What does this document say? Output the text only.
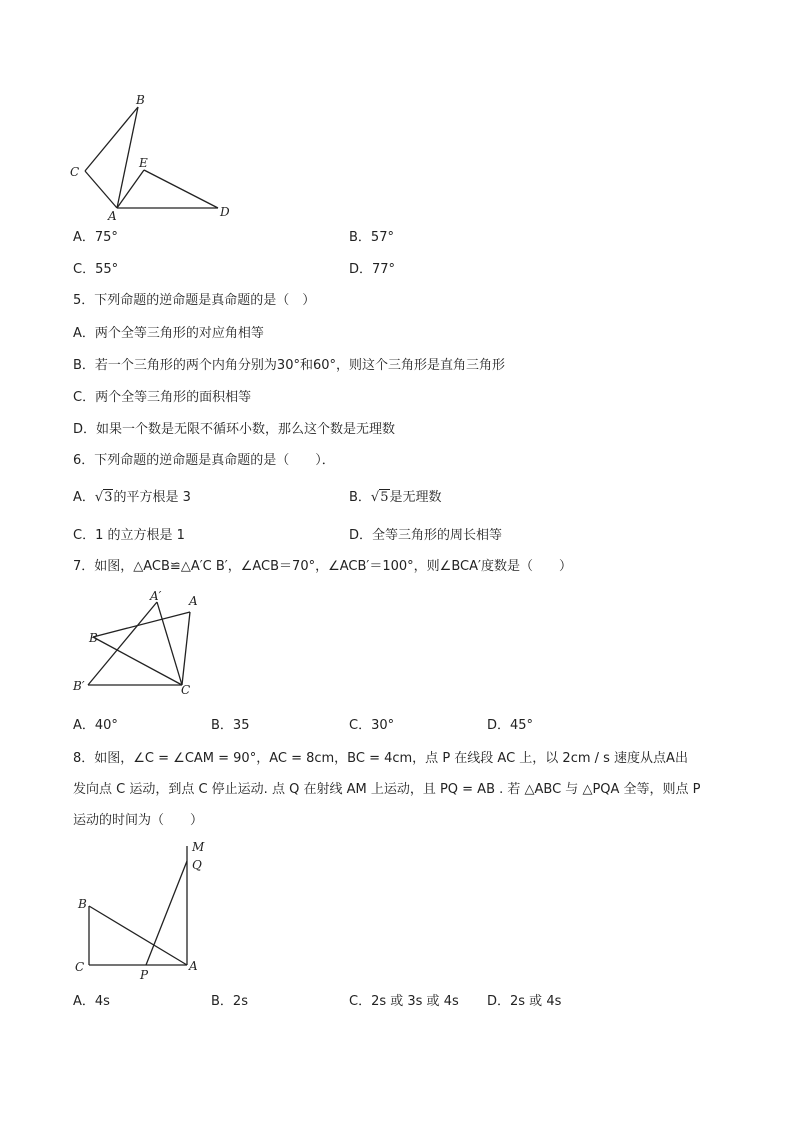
B
C
E
A	D
A．75°	B．57°
C．55°	D．77°
5．下列命题的逆命题是真命题的是（　）
A．两个全等三角形的对应角相等
B．若一个三角形的两个内角分别为30°和60°，则这个三角形是直角三角形
C．两个全等三角形的面积相等
D．如果一个数是无限不循环小数，那么这个数是无理数
6．下列命题的逆命题是真命题的是（　　）．
A．√3的平方根是 3	B．√5是无理数
C．1 的立方根是 1	D．全等三角形的周长相等
7．如图，△ACB≌△A′C B′，∠ACB＝70°，∠ACB′＝100°，则∠BCA′度数是（　　）
A′ A
B
B′	C
A．40°	B．35	C．30°	D．45°
8．如图，∠C = ∠CAM = 90°，AC = 8cm，BC = 4cm，点 P 在线段 AC 上，以 2cm / s 速度从点A出
发向点 C 运动，到点 C 停止运动. 点 Q 在射线 AM 上运动，且 PQ = AB . 若 △ABC 与 △PQA 全等，则点 P
运动的时间为（　　）
M
Q
B
C
P
A
A．4s	B．2s	C．2s 或 3s 或 4s D．2s 或 4s
